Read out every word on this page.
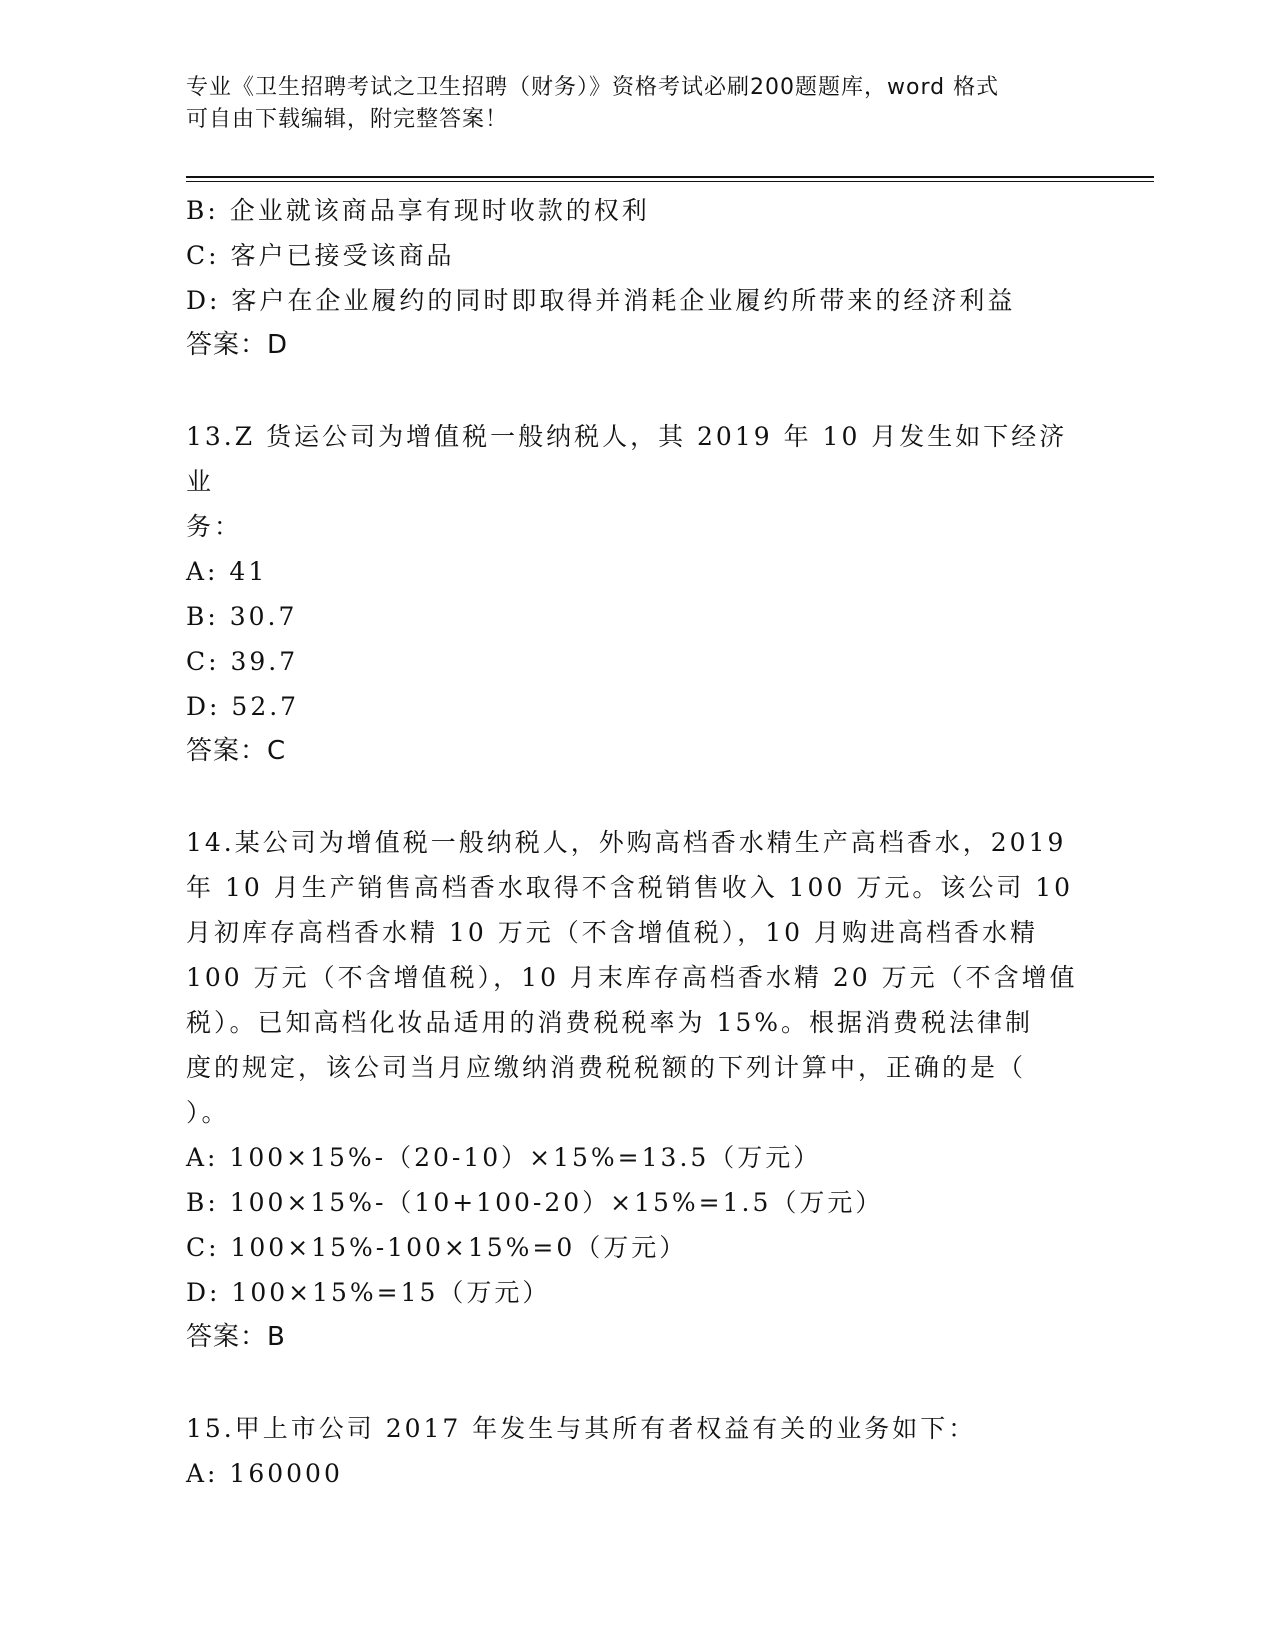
专业《卫生招聘考试之卫生招聘（财务）》资格考试必刷200题题库，word 格式
可自由下载编辑，附完整答案！
B: 企业就该商品享有现时收款的权利
C: 客户已接受该商品
D: 客户在企业履约的同时即取得并消耗企业履约所带来的经济利益
答案：D
13.Z 货运公司为增值税一般纳税人，其 2019 年 10 月发生如下经济业
务：
A: 41
B: 30.7
C: 39.7
D: 52.7
答案：C
14.某公司为增值税一般纳税人，外购高档香水精生产高档香水，2019
年 10 月生产销售高档香水取得不含税销售收入 100 万元。该公司 10
月初库存高档香水精 10 万元（不含增值税），10 月购进高档香水精
100 万元（不含增值税），10 月末库存高档香水精 20 万元（不含增值
税）。已知高档化妆品适用的消费税税率为 15%。根据消费税法律制
度的规定，该公司当月应缴纳消费税税额的下列计算中，正确的是（
）。
A: 100×15%-（20-10）×15%=13.5（万元）
B: 100×15%-（10+100-20）×15%=1.5（万元）
C: 100×15%-100×15%=0（万元）
D: 100×15%=15（万元）
答案：B
15.甲上市公司 2017 年发生与其所有者权益有关的业务如下：
A: 160000
